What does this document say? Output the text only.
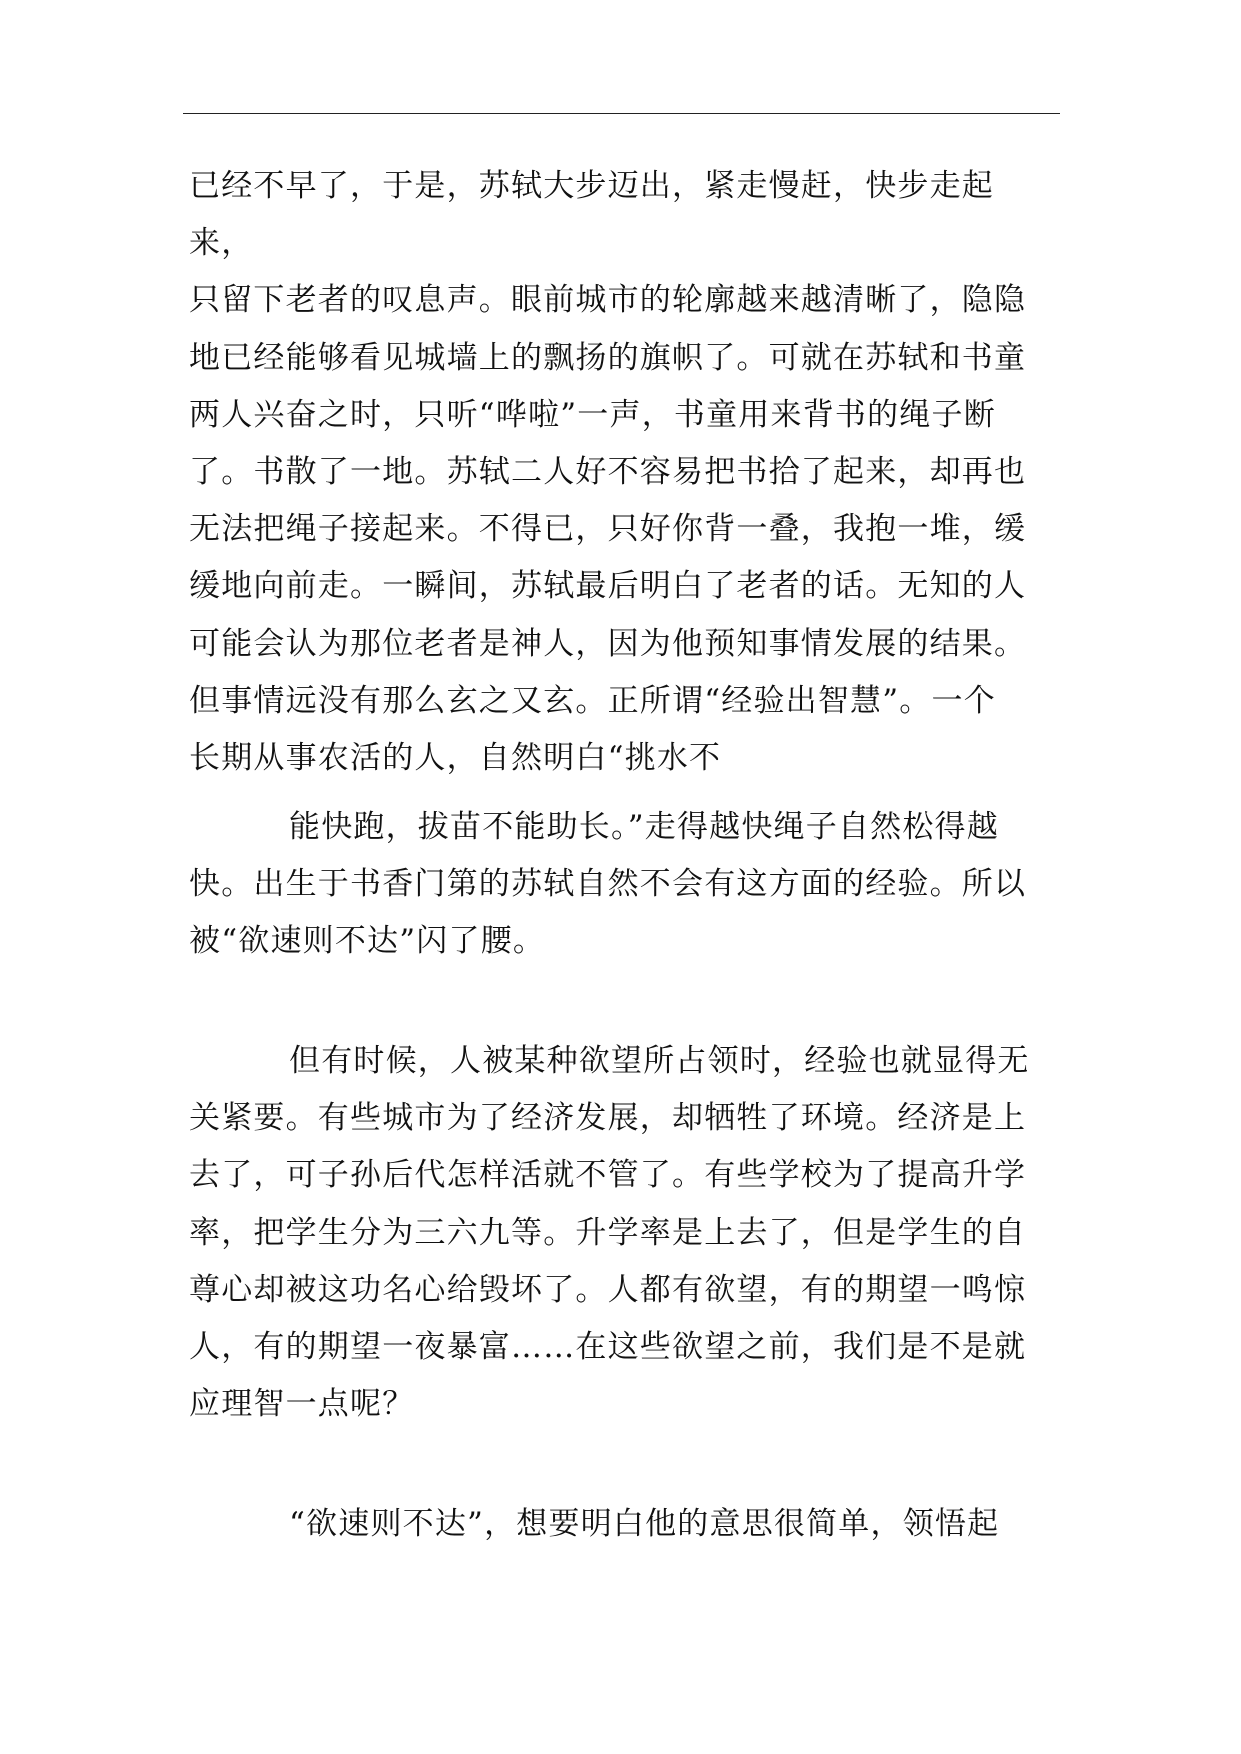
已经不早了，于是，苏轼大步迈出，紧走慢赶，快步走起来，
只留下老者的叹息声。眼前城市的轮廓越来越清晰了，隐隐
地已经能够看见城墙上的飘扬的旗帜了。可就在苏轼和书童
两人兴奋之时，只听“哗啦”一声，书童用来背书的绳子断
了。书散了一地。苏轼二人好不容易把书拾了起来，却再也
无法把绳子接起来。不得已，只好你背一叠，我抱一堆，缓
缓地向前走。一瞬间，苏轼最后明白了老者的话。无知的人
可能会认为那位老者是神人，因为他预知事情发展的结果。
但事情远没有那么玄之又玄。正所谓“经验出智慧”。一个
长期从事农活的人，自然明白“挑水不
能快跑，拔苗不能助长。”走得越快绳子自然松得越
快。出生于书香门第的苏轼自然不会有这方面的经验。所以
被“欲速则不达”闪了腰。
但有时候，人被某种欲望所占领时，经验也就显得无
关紧要。有些城市为了经济发展，却牺牲了环境。经济是上
去了，可子孙后代怎样活就不管了。有些学校为了提高升学
率，把学生分为三六九等。升学率是上去了，但是学生的自
尊心却被这功名心给毁坏了。人都有欲望，有的期望一鸣惊
人，有的期望一夜暴富……在这些欲望之前，我们是不是就
应理智一点呢？
“欲速则不达”，想要明白他的意思很简单，领悟起
